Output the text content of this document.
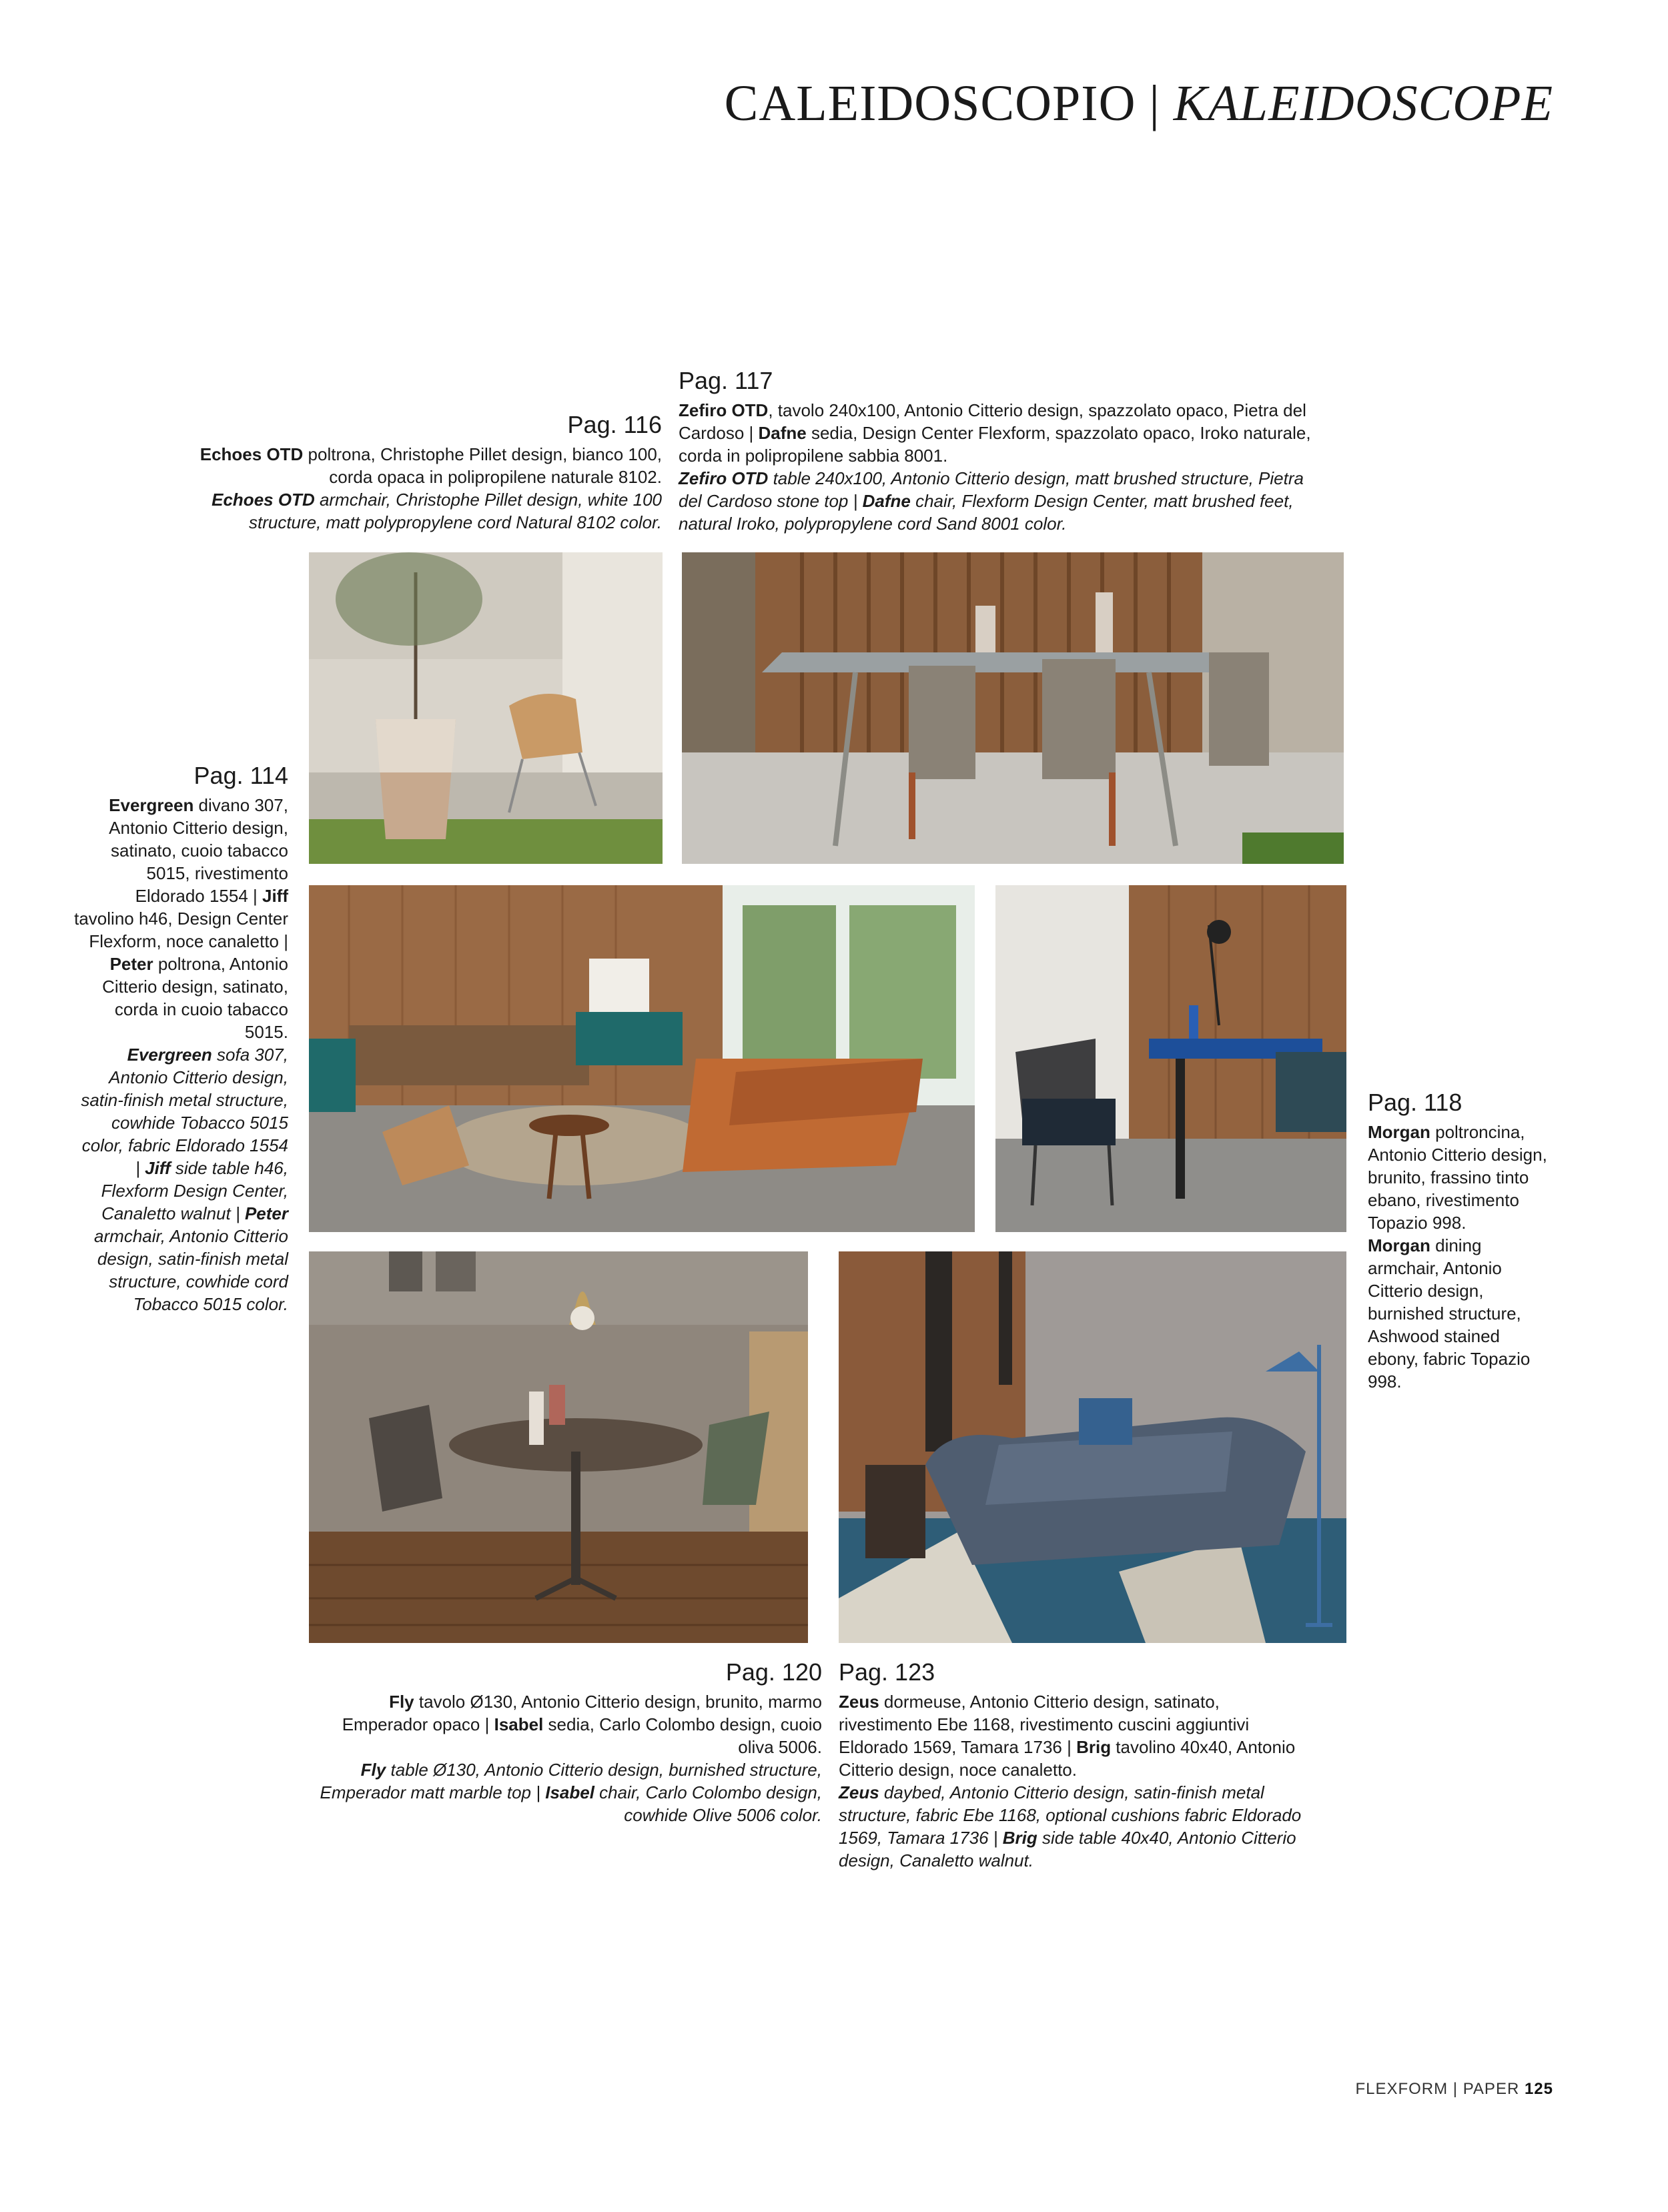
CALEIDOSCOPIO | KALEIDOSCOPE

Pag. 117

Zefiro OTD, tavolo 240x100, Antonio Citterio design, spazzolato opaco, Pietra del Cardoso | Dafne sedia, Design Center Flexform, spazzolato opaco, Iroko naturale, corda in polipropilene sabbia 8001.

Zefiro OTD table 240x100, Antonio Citterio design, matt brushed structure, Pietra del Cardoso stone top | Dafne chair, Flexform Design Center, matt brushed feet, natural Iroko, polypropylene cord Sand 8001 color.

Pag. 116

Echoes OTD poltrona, Christophe Pillet design, bianco 100, corda opaca in polipropilene naturale 8102.

Echoes OTD armchair, Christophe Pillet design, white 100 structure, matt polypropylene cord Natural 8102 color.

Pag. 114

Evergreen divano 307, Antonio Citterio design, satinato, cuoio tabacco 5015, rivestimento Eldorado 1554 | Jiff tavolino h46, Design Center Flexform, noce canaletto | Peter poltrona, Antonio Citterio design, satinato, corda in cuoio tabacco 5015.

Evergreen sofa 307, Antonio Citterio design, satin-finish metal structure, cowhide Tobacco 5015 color, fabric Eldorado 1554 | Jiff side table h46, Flexform Design Center, Canaletto walnut | Peter armchair, Antonio Citterio design, satin-finish metal structure, cowhide cord Tobacco 5015 color.

Pag. 118

Morgan poltroncina, Antonio Citterio design, brunito, frassino tinto ebano, rivestimento Topazio 998.

Morgan dining armchair, Antonio Citterio design, burnished structure, Ashwood stained ebony, fabric Topazio 998.

Pag. 120

Fly tavolo Ø130, Antonio Citterio design, brunito, marmo Emperador opaco | Isabel sedia, Carlo Colombo design, cuoio oliva 5006.

Fly table Ø130, Antonio Citterio design, burnished structure, Emperador matt marble top | Isabel chair, Carlo Colombo design, cowhide Olive 5006 color.

Pag. 123

Zeus dormeuse, Antonio Citterio design, satinato, rivestimento Ebe 1168, rivestimento cuscini aggiuntivi Eldorado 1569, Tamara 1736 | Brig tavolino 40x40, Antonio Citterio design, noce canaletto.

Zeus daybed, Antonio Citterio design, satin-finish metal structure, fabric Ebe 1168, optional cushions fabric Eldorado 1569, Tamara 1736 | Brig side table 40x40, Antonio Citterio design, Canaletto walnut.

FLEXFORM | PAPER 125
